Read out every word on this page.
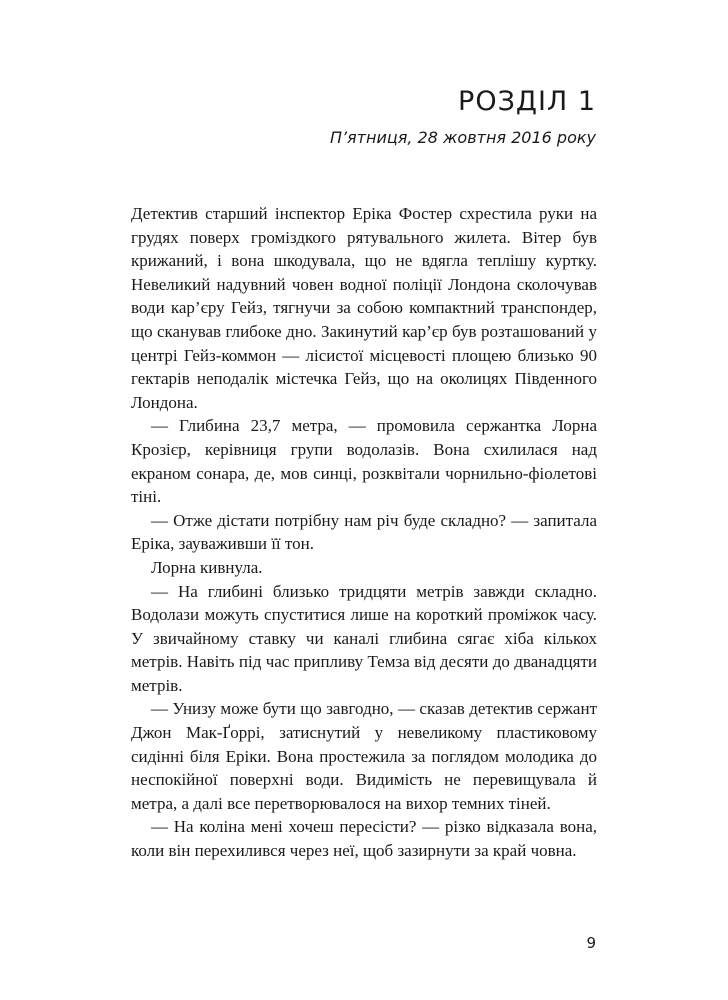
РОЗДІЛ 1

П’ятниця, 28 жовтня 2016 року

Детектив старший інспектор Еріка Фостер схрестила руки на грудях поверх громіздкого рятувального жилета. Вітер був крижаний, і вона шкодувала, що не вдягла теплішу куртку. Невеликий надувний човен водної поліції Лондона сколочував води кар’єру Гейз, тягнучи за собою компактний транспондер, що сканував глибоке дно. Закинутий кар’єр був розташований у центрі Гейз-коммон — лісистої місцевості площею близько 90 гектарів неподалік містечка Гейз, що на околицях Південного Лондона.

— Глибина 23,7 метра, — промовила сержантка Лорна Крозієр, керівниця групи водолазів. Вона схилилася над екраном сонара, де, мов синці, розквітали чорнильно-фіолетові тіні.

— Отже дістати потрібну нам річ буде складно? — запитала Еріка, зауваживши її тон.

Лорна кивнула.

— На глибині близько тридцяти метрів завжди складно. Водолази можуть спуститися лише на короткий проміжок часу. У звичайному ставку чи каналі глибина сягає хіба кількох метрів. Навіть під час припливу Темза від десяти до дванадцяти метрів.

— Унизу може бути що завгодно, — сказав детектив сержант Джон Мак-Ґоррі, затиснутий у невеликому пластиковому сидінні біля Еріки. Вона простежила за поглядом молодика до неспокійної поверхні води. Видимість не перевищувала й метра, а далі все перетворювалося на вихор темних тіней.

— На коліна мені хочеш пересісти? — різко відказала вона, коли він перехилився через неї, щоб зазирнути за край човна.

9
